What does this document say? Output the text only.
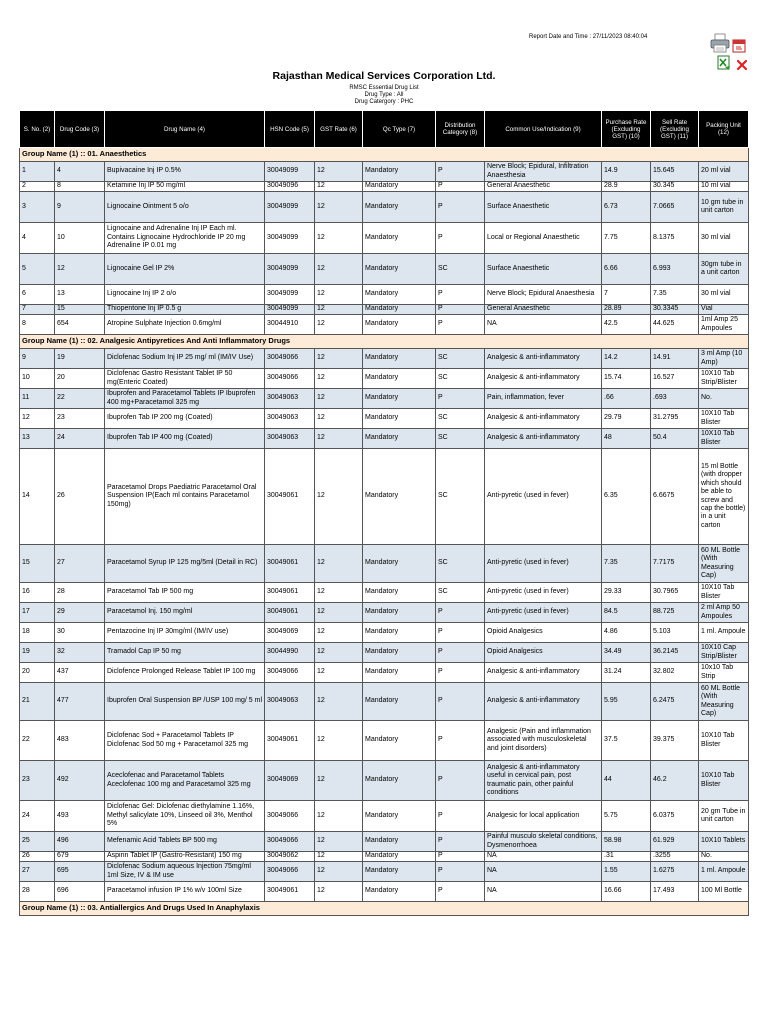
Report Date and Time : 27/11/2023 08:40:04
Rajasthan Medical Services Corporation Ltd.
RMSC Essential Drug List
Drug Type : All
Drug Catergory : PHC
S. No. (2)	Drug Code (3)	Drug Name (4)	HSN Code (5)	GST Rate (6)	Qc Type (7)	Distribution Category (8)	Common Use/Indication (9)	Purchase Rate (Excluding GST) (10)	Sell Rate (Excluding GST) (11)	Packing Unit (12)
Group Name (1) :: 01. Anaesthetics										
1	4	Bupivacaine Inj IP 0.5%	30049099	12	Mandatory	P	Nerve Block; Epidural, Infiltration Anaesthesia	14.9	15.645	20 ml vial
2	8	Ketamine Inj IP 50 mg/ml	30049096	12	Mandatory	P	General Anaesthetic	28.9	30.345	10 ml vial
3	9	Lignocaine Ointment 5 o/o	30049099	12	Mandatory	P	Surface Anaesthetic	6.73	7.0665	10 gm tube in unit carton
4	10	Lignocaine and Adrenaline Inj IP Each ml. Contains Lignocaine Hydrochloride IP 20 mg Adrenaline IP 0.01 mg	30049099	12	Mandatory	P	Local or Regional Anaesthetic	7.75	8.1375	30 ml vial
5	12	Lignocaine Gel IP 2%	30049099	12	Mandatory	SC	Surface Anaesthetic	6.66	6.993	30gm tube in a unit carton
6	13	Lignocaine Inj IP 2 o/o	30049099	12	Mandatory	P	Nerve Block; Epidural Anaesthesia	7	7.35	30 ml vial
7	15	Thiopentone Inj IP 0.5 g	30049099	12	Mandatory	P	General Anaesthetic	28.89	30.3345	Vial
8	654	Atropine Sulphate Injection 0.6mg/ml	30044910	12	Mandatory	P	NA	42.5	44.625	1ml Amp 25 Ampoules
Group Name (1) :: 02. Analgesic Antipyretices And Anti Inflammatory Drugs										
9	19	Diclofenac Sodium Inj IP 25 mg/ ml (IM/IV Use)	30049066	12	Mandatory	SC	Analgesic & anti-inflammatory	14.2	14.91	3 ml Amp (10 Amp)
10	20	Diclofenac Gastro Resistant Tablet IP 50 mg(Enteric Coated)	30049066	12	Mandatory	SC	Analgesic & anti-inflammatory	15.74	16.527	10X10 Tab Strip/Blister
11	22	Ibuprofen and Paracetamol Tablets IP Ibuprofen 400 mg+Paracetamol 325 mg	30049063	12	Mandatory	P	Pain, inflammation, fever	.66	.693	No.
12	23	Ibuprofen Tab IP 200 mg (Coated)	30049063	12	Mandatory	SC	Analgesic & anti-inflammatory	29.79	31.2795	10X10 Tab Blister
13	24	Ibuprofen Tab IP 400 mg (Coated)	30049063	12	Mandatory	SC	Analgesic & anti-inflammatory	48	50.4	10X10 Tab Blister
14	26	Paracetamol Drops Paediatric Paracetamol Oral Suspension IP(Each ml contains Paracetamol 150mg)	30049061	12	Mandatory	SC	Anti-pyretic (used in fever)	6.35	6.6675	15 ml Bottle (with dropper which should be able to screw and cap the bottle) in a unit carton
15	27	Paracetamol Syrup IP 125 mg/5ml (Detail in RC)	30049061	12	Mandatory	SC	Anti-pyretic (used in fever)	7.35	7.7175	60 ML Bottle (With Measuring Cap)
16	28	Paracetamol Tab IP 500 mg	30049061	12	Mandatory	SC	Anti-pyretic (used in fever)	29.33	30.7965	10X10 Tab Blister
17	29	Paracetamol Inj. 150 mg/ml	30049061	12	Mandatory	P	Anti-pyretic (used in fever)	84.5	88.725	2 ml Amp 50 Ampoules
18	30	Pentazocine Inj IP 30mg/ml (IM/IV use)	30049069	12	Mandatory	P	Opioid Analgesics	4.86	5.103	1 ml. Ampoule
19	32	Tramadol Cap IP 50 mg	30044990	12	Mandatory	P	Opioid Analgesics	34.49	36.2145	10X10 Cap Strip/Blister
20	437	Diclofence Prolonged Release Tablet IP 100 mg	30049066	12	Mandatory	P	Analgesic & anti-inflammatory	31.24	32.802	10x10 Tab Strip
21	477	Ibuprofen Oral Suspension BP /USP 100 mg/ 5 ml	30049063	12	Mandatory	P	Analgesic & anti-inflammatory	5.95	6.2475	60 ML Bottle (With Measuring Cap)
22	483	Diclofenac Sod + Paracetamol Tablets IP Diclofenac Sod 50 mg + Paracetamol 325 mg	30049061	12	Mandatory	P	Analgesic (Pain and inflammation associated with musculoskeletal and joint disorders)	37.5	39.375	10X10 Tab Blister
23	492	Aceclofenac and Paracetamol Tablets Aceclofenac 100 mg and Paracetamol 325 mg	30049069	12	Mandatory	P	Analgesic & anti-inflammatory useful in cervical pain, post traumatic pain, other painful conditions	44	46.2	10X10 Tab Blister
24	493	Diclofenac Gel: Diclofenac diethylamine 1.16%, Methyl salicylate 10%, Linseed oil 3%, Menthol 5%	30049066	12	Mandatory	P	Analgesic for local application	5.75	6.0375	20 gm Tube in unit carton
25	496	Mefenamic Acid Tablets BP 500 mg	30049066	12	Mandatory	P	Painful musculo skeletal conditions, Dysmenorrhoea	58.98	61.929	10X10 Tablets
26	679	Aspirin Tablet IP (Gastro-Resistant) 150 mg	30049062	12	Mandatory	P	NA	.31	.3255	No.
27	695	Diclofenac Sodium aqueous Injection 75mg/ml 1ml Size, IV & IM use	30049066	12	Mandatory	P	NA	1.55	1.6275	1 ml. Ampoule
28	696	Paracetamol infusion IP 1% w/v 100ml Size	30049061	12	Mandatory	P	NA	16.66	17.493	100 Ml Bottle
Group Name (1) :: 03. Antiallergics And Drugs Used In Anaphylaxis										
